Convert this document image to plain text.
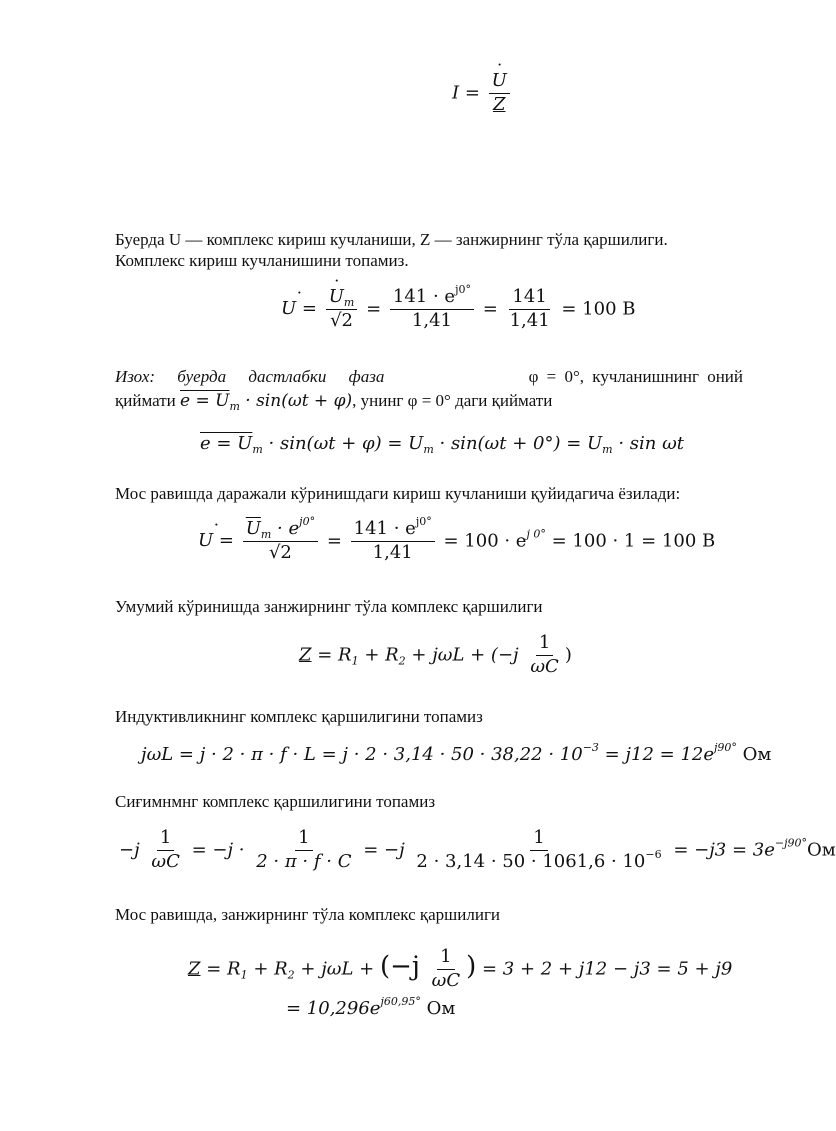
I = ˙ $\frac{U}{Z}$
Буерда U — комплекс кириш кучланиши, Z — занжирнинг тўла қаршилиги.
Комплекс кириш кучланишини топамиз.
˙ U = ˙ $\frac{U_m}{√2} = \frac{141 \cdot e^{j0^\circ}}{1,41} = \frac{141}{1,41} = 100$ B
Изох: буерда дастлабки фаза	φ = 0°, кучланишнинг оний
қиймати $e = U_m \cdot \sin(\omega t + \varphi)$, унинг φ = 0° даги қиймати
$e = U_m \cdot \sin(\omega t + \varphi) = U_m \cdot \sin(\omega t + 0^\circ) = U_m \cdot \sin \omega t$
Мос равишда даражали кўринишдаги кириш кучланиши қуйидагича ёзилади:
˙ $U = \frac{\overline{U}_m \cdot e^{j0^\circ}}{√2} = \frac{141 \cdot e^{j0^\circ}}{1,41} = 100 \cdot e^{j 0^\circ} = 100 \cdot 1 = 100$ В
Умумий кўринишда занжирнинг тўла комплекс қаршилиги
$Z = R_1 + R_2 + j\omega L + (-j \frac{1}{\omega C}$ )
Индуктивликнинг комплекс қаршилигини топамиз
$j\omega L = j \cdot 2 \cdot \pi \cdot f \cdot L = j \cdot 2 \cdot 3,14 \cdot 50 \cdot 38,22 \cdot 10^{-3} = j12 = 12e^{j90^\circ}$ Ом
Сиғимнмнг комплекс қаршилигини топамиз
$-j \frac{1}{\omega C} = -j \cdot \frac{1}{2 \cdot \pi \cdot f \cdot C} = -j \frac{1}{2 \cdot 3,14 \cdot 50 \cdot 1061,6 \cdot 10^{-6}} = -j3 = 3e^{-j90^\circ}Ом$
Мос равишда, занжирнинг тўла комплекс қаршилиги
$Z = R_1 + R_2 + j\omega L + (-j \frac{1}{\omega C}$ ) = 3 + 2 + j12 − j3 = 5 + j9
= $10,296e^{j60,95^\circ}$ Ом
